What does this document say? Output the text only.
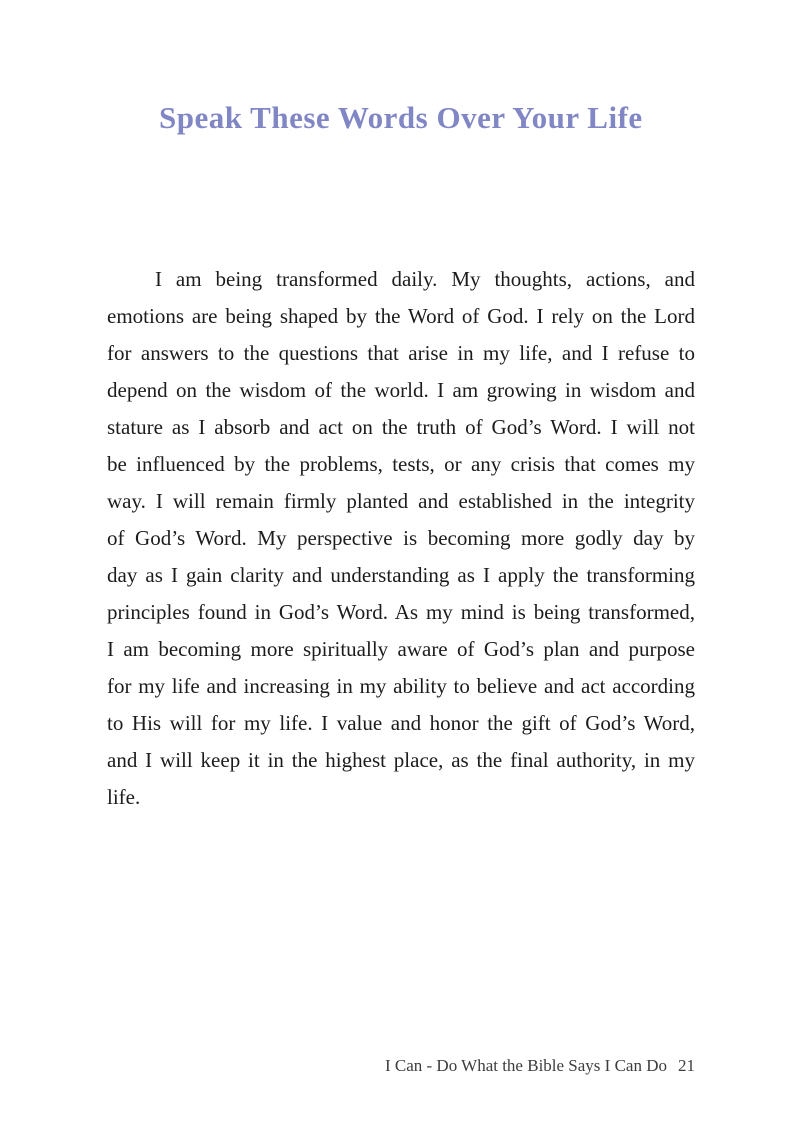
Speak These Words Over Your Life
I am being transformed daily. My thoughts, actions, and
emotions are being shaped by the Word of God. I rely on the Lord
for answers to the questions that arise in my life, and I refuse to
depend on the wisdom of the world. I am growing in wisdom and
stature as I absorb and act on the truth of God’s Word. I will not
be influenced by the problems, tests, or any crisis that comes my
way. I will remain firmly planted and established in the integrity
of God’s Word. My perspective is becoming more godly day by
day as I gain clarity and understanding as I apply the transforming
principles found in God’s Word. As my mind is being transformed,
I am becoming more spiritually aware of God’s plan and purpose
for my life and increasing in my ability to believe and act according
to His will for my life. I value and honor the gift of God’s Word,
and I will keep it in the highest place, as the final authority, in my
life.
I Can - Do What the Bible Says I Can Do 21
